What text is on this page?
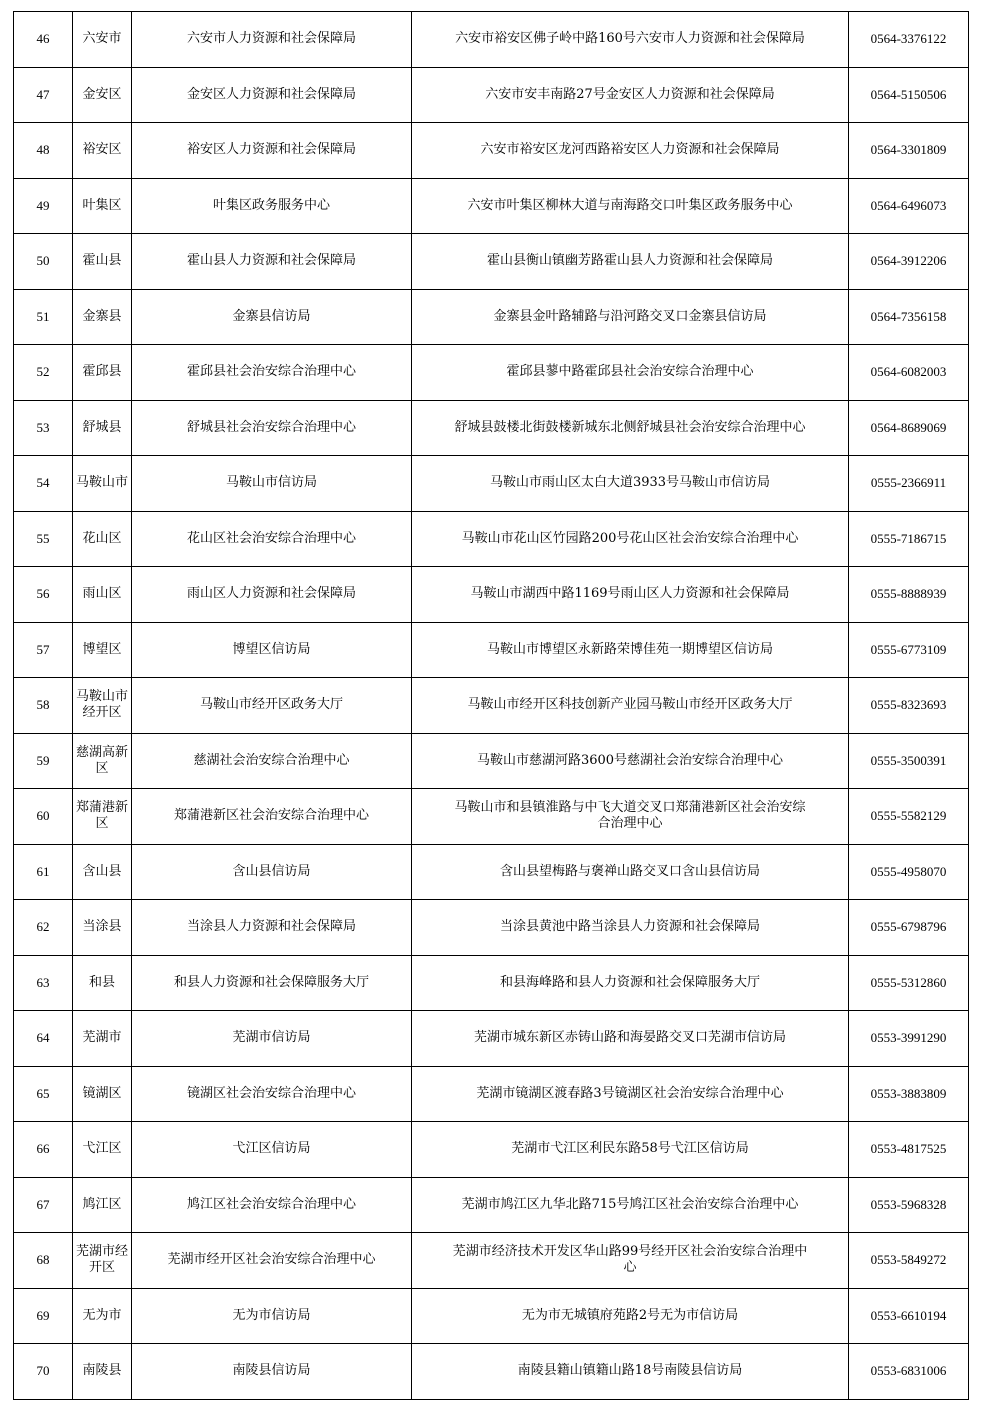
46	六安市	六安市人力资源和社会保障局	六安市裕安区佛子岭中路160号六安市人力资源和社会保障局	0564-3376122
47	金安区	金安区人力资源和社会保障局	六安市安丰南路27号金安区人力资源和社会保障局	0564-5150506
48	裕安区	裕安区人力资源和社会保障局	六安市裕安区龙河西路裕安区人力资源和社会保障局	0564-3301809
49	叶集区	叶集区政务服务中心	六安市叶集区柳林大道与南海路交口叶集区政务服务中心	0564-6496073
50	霍山县	霍山县人力资源和社会保障局	霍山县衡山镇幽芳路霍山县人力资源和社会保障局	0564-3912206
51	金寨县	金寨县信访局	金寨县金叶路辅路与沿河路交叉口金寨县信访局	0564-7356158
52	霍邱县	霍邱县社会治安综合治理中心	霍邱县蓼中路霍邱县社会治安综合治理中心	0564-6082003
53	舒城县	舒城县社会治安综合治理中心	舒城县鼓楼北街鼓楼新城东北侧舒城县社会治安综合治理中心	0564-8689069
54	马鞍山市	马鞍山市信访局	马鞍山市雨山区太白大道3933号马鞍山市信访局	0555-2366911
55	花山区	花山区社会治安综合治理中心	马鞍山市花山区竹园路200号花山区社会治安综合治理中心	0555-7186715
56	雨山区	雨山区人力资源和社会保障局	马鞍山市湖西中路1169号雨山区人力资源和社会保障局	0555-8888939
57	博望区	博望区信访局	马鞍山市博望区永新路荣博佳苑一期博望区信访局	0555-6773109
58	马鞍山市经开区	马鞍山市经开区政务大厅	马鞍山市经开区科技创新产业园马鞍山市经开区政务大厅	0555-8323693
59	慈湖高新区	慈湖社会治安综合治理中心	马鞍山市慈湖河路3600号慈湖社会治安综合治理中心	0555-3500391
60	郑蒲港新区	郑蒲港新区社会治安综合治理中心	马鞍山市和县镇淮路与中飞大道交叉口郑蒲港新区社会治安综合治理中心	0555-5582129
61	含山县	含山县信访局	含山县望梅路与褒禅山路交叉口含山县信访局	0555-4958070
62	当涂县	当涂县人力资源和社会保障局	当涂县黄池中路当涂县人力资源和社会保障局	0555-6798796
63	和县	和县人力资源和社会保障服务大厅	和县海峰路和县人力资源和社会保障服务大厅	0555-5312860
64	芜湖市	芜湖市信访局	芜湖市城东新区赤铸山路和海晏路交叉口芜湖市信访局	0553-3991290
65	镜湖区	镜湖区社会治安综合治理中心	芜湖市镜湖区渡春路3号镜湖区社会治安综合治理中心	0553-3883809
66	弋江区	弋江区信访局	芜湖市弋江区利民东路58号弋江区信访局	0553-4817525
67	鸠江区	鸠江区社会治安综合治理中心	芜湖市鸠江区九华北路715号鸠江区社会治安综合治理中心	0553-5968328
68	芜湖市经开区	芜湖市经开区社会治安综合治理中心	芜湖市经济技术开发区华山路99号经开区社会治安综合治理中心	0553-5849272
69	无为市	无为市信访局	无为市无城镇府苑路2号无为市信访局	0553-6610194
70	南陵县	南陵县信访局	南陵县籍山镇籍山路18号南陵县信访局	0553-6831006
